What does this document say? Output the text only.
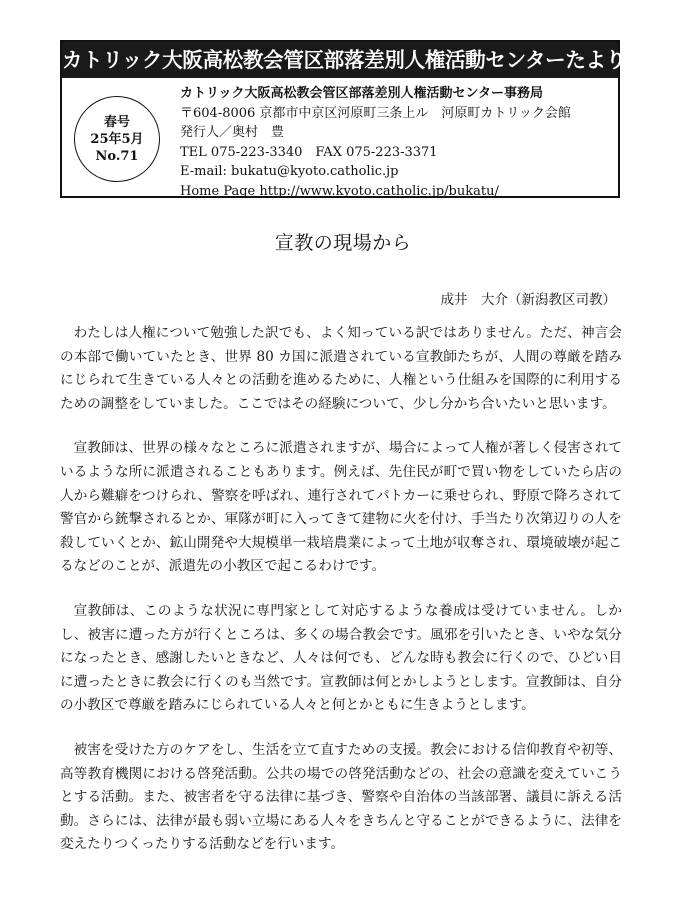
カトリック大阪高松教会管区部落差別人権活動センターたより
春号
25年5月
No.71
カトリック大阪高松教会管区部落差別人権活動センター事務局
〒604-8006 京都市中京区河原町三条上ル　河原町カトリック会館
発行人／奥村　豊
TEL 075-223-3340　FAX 075-223-3371
E-mail: bukatu@kyoto.catholic.jp
Home Page http://www.kyoto.catholic.jp/bukatu/
宣教の現場から
成井　大介（新潟教区司教）

わたしは人権について勉強した訳でも、よく知っている訳ではありません。ただ、神言会の本部で働いていたとき、世界 80 カ国に派遣されている宣教師たちが、人間の尊厳を踏みにじられて生きている人々との活動を進めるために、人権という仕組みを国際的に利用するための調整をしていました。ここではその経験について、少し分かち合いたいと思います。

宣教師は、世界の様々なところに派遣されますが、場合によって人権が著しく侵害されているような所に派遣されることもあります。例えば、先住民が町で買い物をしていたら店の人から難癖をつけられ、警察を呼ばれ、連行されてパトカーに乗せられ、野原で降ろされて警官から銃撃されるとか、軍隊が町に入ってきて建物に火を付け、手当たり次第辺りの人を殺していくとか、鉱山開発や大規模単一栽培農業によって土地が収奪され、環境破壊が起こるなどのことが、派遣先の小教区で起こるわけです。

宣教師は、このような状況に専門家として対応するような養成は受けていません。しかし、被害に遭った方が行くところは、多くの場合教会です。風邪を引いたとき、いやな気分になったとき、感謝したいときなど、人々は何でも、どんな時も教会に行くので、ひどい目に遭ったときに教会に行くのも当然です。宣教師は何とかしようとします。宣教師は、自分の小教区で尊厳を踏みにじられている人々と何とかともに生きようとします。

被害を受けた方のケアをし、生活を立て直すための支援。教会における信仰教育や初等、高等教育機関における啓発活動。公共の場での啓発活動などの、社会の意識を変えていこうとする活動。また、被害者を守る法律に基づき、警察や自治体の当該部署、議員に訴える活動。さらには、法律が最も弱い立場にある人々をきちんと守ることができるように、法律を変えたりつくったりする活動などを行います。
